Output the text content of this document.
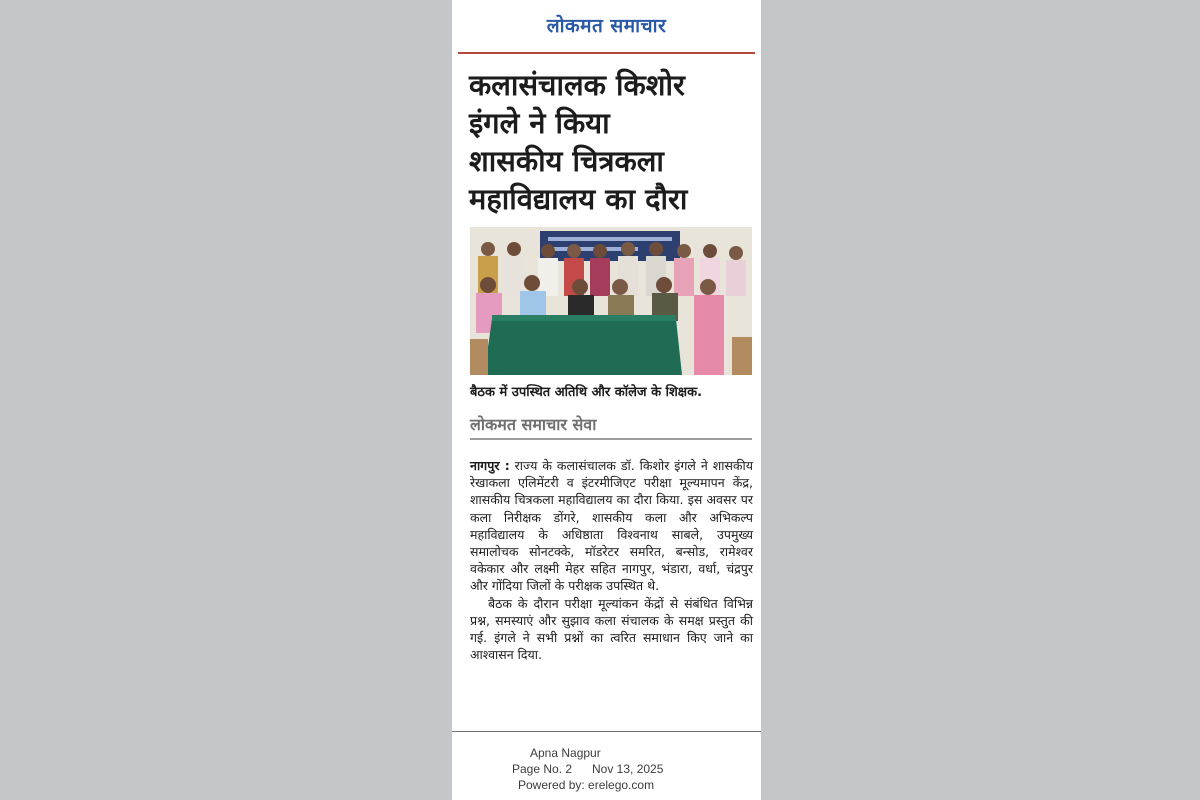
लोकमत समाचार
कलासंचालक किशोर
इंगले ने किया
शासकीय चित्रकला
महाविद्यालय का दौरा
बैठक में उपस्थित अतिथि और कॉलेज के शिक्षक.
लोकमत समाचार सेवा

नागपुर : राज्य के कलासंचालक डॉ. किशोर इंगले ने शासकीय रेखाकला एलिमेंटरी व इंटरमीजिएट परीक्षा मूल्यमापन केंद्र, शासकीय चित्रकला महाविद्यालय का दौरा किया. इस अवसर पर कला निरीक्षक डोंगरे, शासकीय कला और अभिकल्प महाविद्यालय के अधिष्ठाता विश्वनाथ साबले, उपमुख्य समालोचक सोनटक्के, मॉडरेटर समरित, बन्सोड, रामेश्वर वकेकार और लक्ष्मी मेहर सहित नागपुर, भंडारा, वर्धा, चंद्रपुर और गोंदिया जिलों के परीक्षक उपस्थित थे.

बैठक के दौरान परीक्षा मूल्यांकन केंद्रों से संबंधित विभिन्न प्रश्न, समस्याएं और सुझाव कला संचालक के समक्ष प्रस्तुत की गई. इंगले ने सभी प्रश्नों का त्वरित समाधान किए जाने का आश्वासन दिया.

Apna Nagpur
Page No. 2 Nov 13, 2025
Powered by: erelego.com
